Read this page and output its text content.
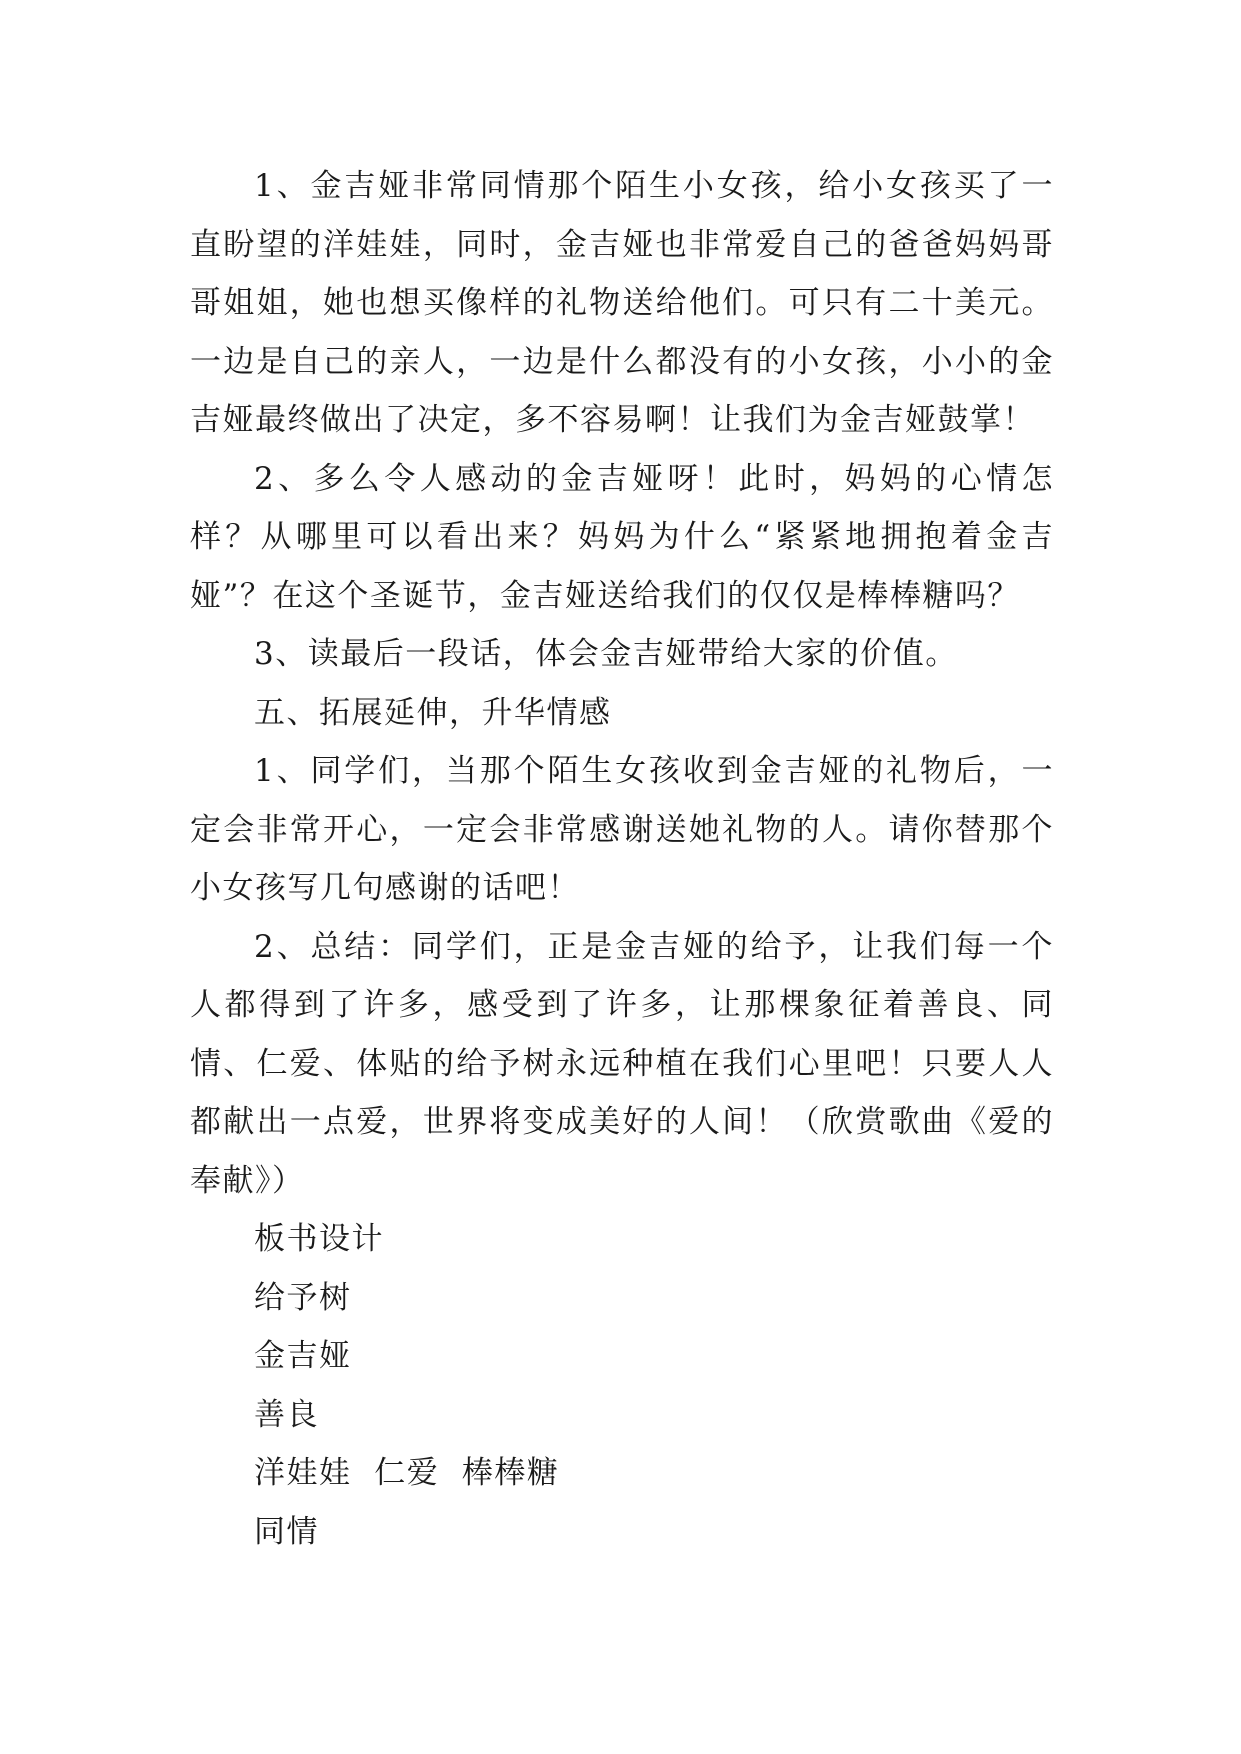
1、金吉娅非常同情那个陌生小女孩，给小女孩买了一直盼望的洋娃娃，同时，金吉娅也非常爱自己的爸爸妈妈哥哥姐姐，她也想买像样的礼物送给他们。可只有二十美元。一边是自己的亲人，一边是什么都没有的小女孩，小小的金吉娅最终做出了决定，多不容易啊！让我们为金吉娅鼓掌！

2、多么令人感动的金吉娅呀！此时，妈妈的心情怎样？从哪里可以看出来？妈妈为什么“紧紧地拥抱着金吉娅”？在这个圣诞节，金吉娅送给我们的仅仅是棒棒糖吗？

3、读最后一段话，体会金吉娅带给大家的价值。

五、拓展延伸，升华情感

1、同学们，当那个陌生女孩收到金吉娅的礼物后，一定会非常开心，一定会非常感谢送她礼物的人。请你替那个小女孩写几句感谢的话吧！

2、总结：同学们，正是金吉娅的给予，让我们每一个人都得到了许多，感受到了许多，让那棵象征着善良、同情、仁爱、体贴的给予树永远种植在我们心里吧！只要人人都献出一点爱，世界将变成美好的人间！（欣赏歌曲《爱的奉献》）

板书设计

给予树

金吉娅

善良

洋娃娃  仁爱  棒棒糖

同情
